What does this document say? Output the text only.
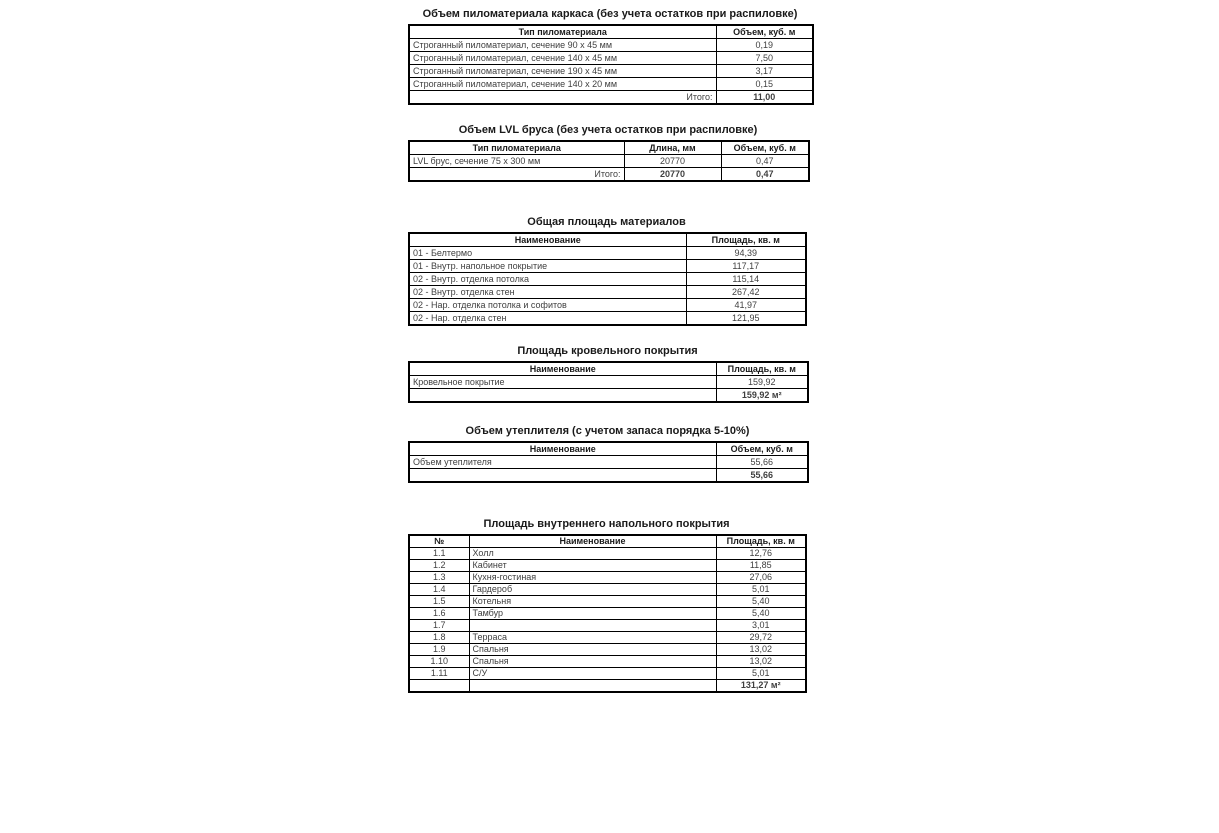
Объем пиломатериала каркаса (без учета остатков при распиловке)
Тип пиломатериала	Объем, куб. м
Строганный пиломатериал, сечение 90 x 45 мм	0,19
Строганный пиломатериал, сечение 140 x 45 мм	7,50
Строганный пиломатериал, сечение 190 x 45 мм	3,17
Строганный пиломатериал, сечение 140 x 20 мм	0,15
Итого:	11,00
Объем LVL бруса (без учета остатков при распиловке)
Тип пиломатериала	Длина, мм	Объем, куб. м
LVL брус, сечение 75 x 300 мм	20770	0,47
Итого:	20770	0,47
Общая площадь материалов
Наименование	Площадь, кв. м
01 - Белтермо	94,39
01 - Внутр. напольное покрытие	117,17
02 - Внутр. отделка потолка	115,14
02 - Внутр. отделка стен	267,42
02 - Нар. отделка потолка и софитов	41,97
02 - Нар. отделка стен	121,95
Площадь кровельного покрытия
Наименование	Площадь, кв. м
Кровельное покрытие	159,92
	159,92 м²
Объем утеплителя (с учетом запаса порядка 5-10%)
Наименование	Объем, куб. м
Объем утеплителя	55,66
	55,66
Площадь внутреннего напольного покрытия
№	Наименование	Площадь, кв. м
1.1	Холл	12,76
1.2	Кабинет	11,85
1.3	Кухня-гостиная	27,06
1.4	Гардероб	5,01
1.5	Котельня	5,40
1.6	Тамбур	5,40
1.7		3,01
1.8	Терраса	29,72
1.9	Спальня	13,02
1.10	Спальня	13,02
1.11	С/У	5,01
		131,27 м²
